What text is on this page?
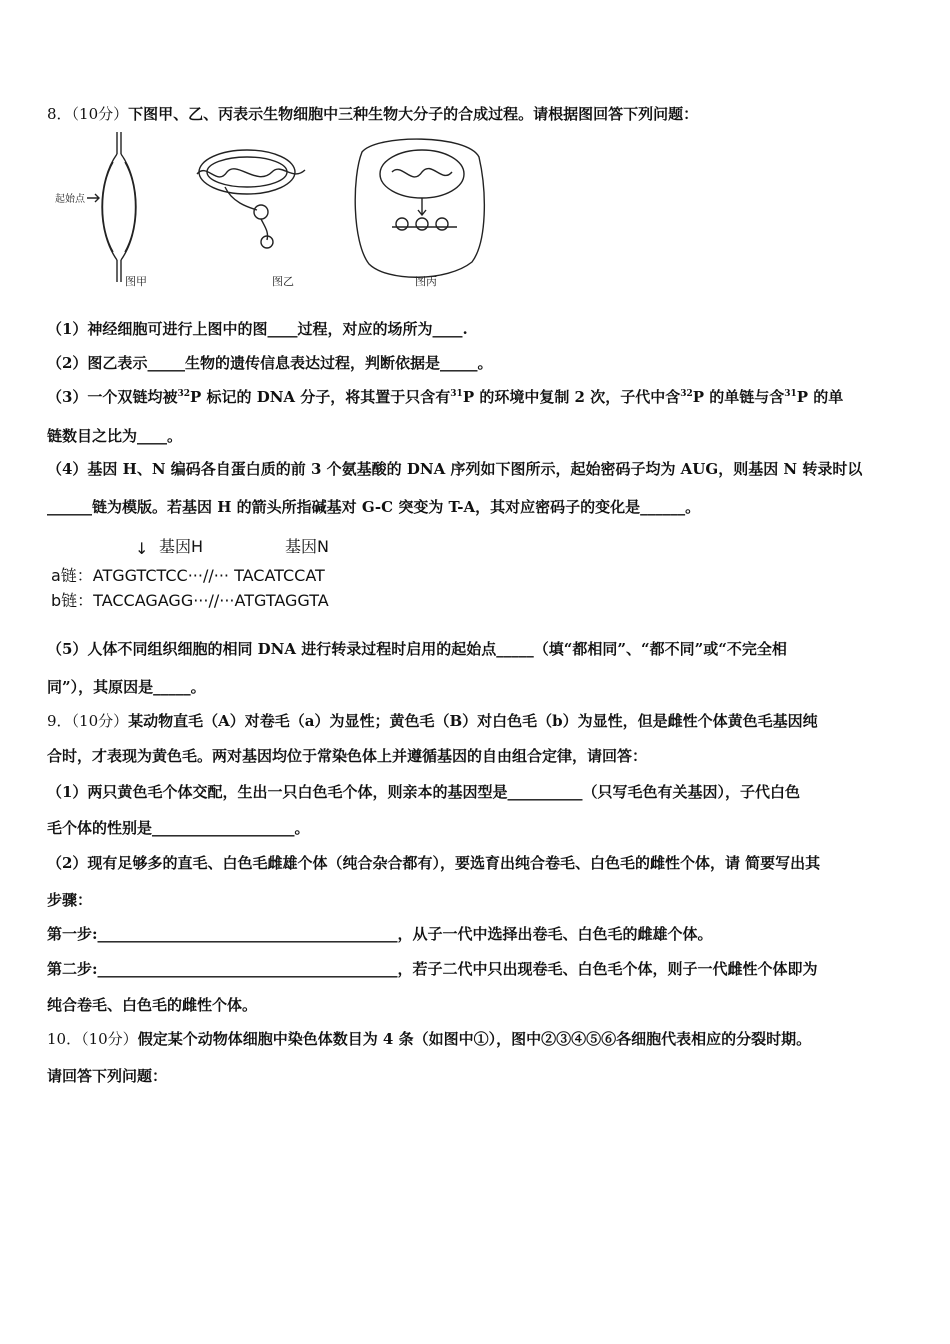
8．（10分）下图甲、乙、丙表示生物细胞中三种生物大分子的合成过程。请根据图回答下列问题：
起始点
图甲	图乙	图丙
（1）神经细胞可进行上图中的图____过程，对应的场所为____.
（2）图乙表示_____生物的遗传信息表达过程，判断依据是_____。
（3）一个双链均被$^{32}$P 标记的 DNA 分子，将其置于只含有$^{31}$P 的环境中复制 2 次，子代中含$^{32}$P 的单链与含$^{31}$P 的单
链数目之比为____。
（4）基因 H、N 编码各自蛋白质的前 3 个氨基酸的 DNA 序列如下图所示，起始密码子均为 AUG，则基因 N 转录时以
______链为模版。若基因 H 的箭头所指碱基对 G-C 突变为 T-A，其对应密码子的变化是______。
↓ 基因H	基因N
a链：ATGGTCTCC···//··· TACATCCAT
b链：TACCAGAGG···//···ATGTAGGTA
（5）人体不同组织细胞的相同 DNA 进行转录过程时启用的起始点_____（填“都相同”、“都不同”或“不完全相
同”），其原因是_____。
9．（10分）某动物直毛（A）对卷毛（a）为显性；黄色毛（B）对白色毛（b）为显性，但是雌性个体黄色毛基因纯
合时，才表现为黄色毛。两对基因均位于常染色体上并遵循基因的自由组合定律，请回答：
（1）两只黄色毛个体交配，生出一只白色毛个体，则亲本的基因型是__________（只写毛色有关基因），子代白色
毛个体的性别是___________________。
（2）现有足够多的直毛、白色毛雌雄个体（纯合杂合都有），要选育出纯合卷毛、白色毛的雌性个体，请 简要写出其
步骤：
第一步:________________________________________，从子一代中选择出卷毛、白色毛的雌雄个体。
第二步:________________________________________，若子二代中只出现卷毛、白色毛个体，则子一代雌性个体即为
纯合卷毛、白色毛的雌性个体。
10．（10分）假定某个动物体细胞中染色体数目为 4 条（如图中①），图中②③④⑤⑥各细胞代表相应的分裂时期。
请回答下列问题：
